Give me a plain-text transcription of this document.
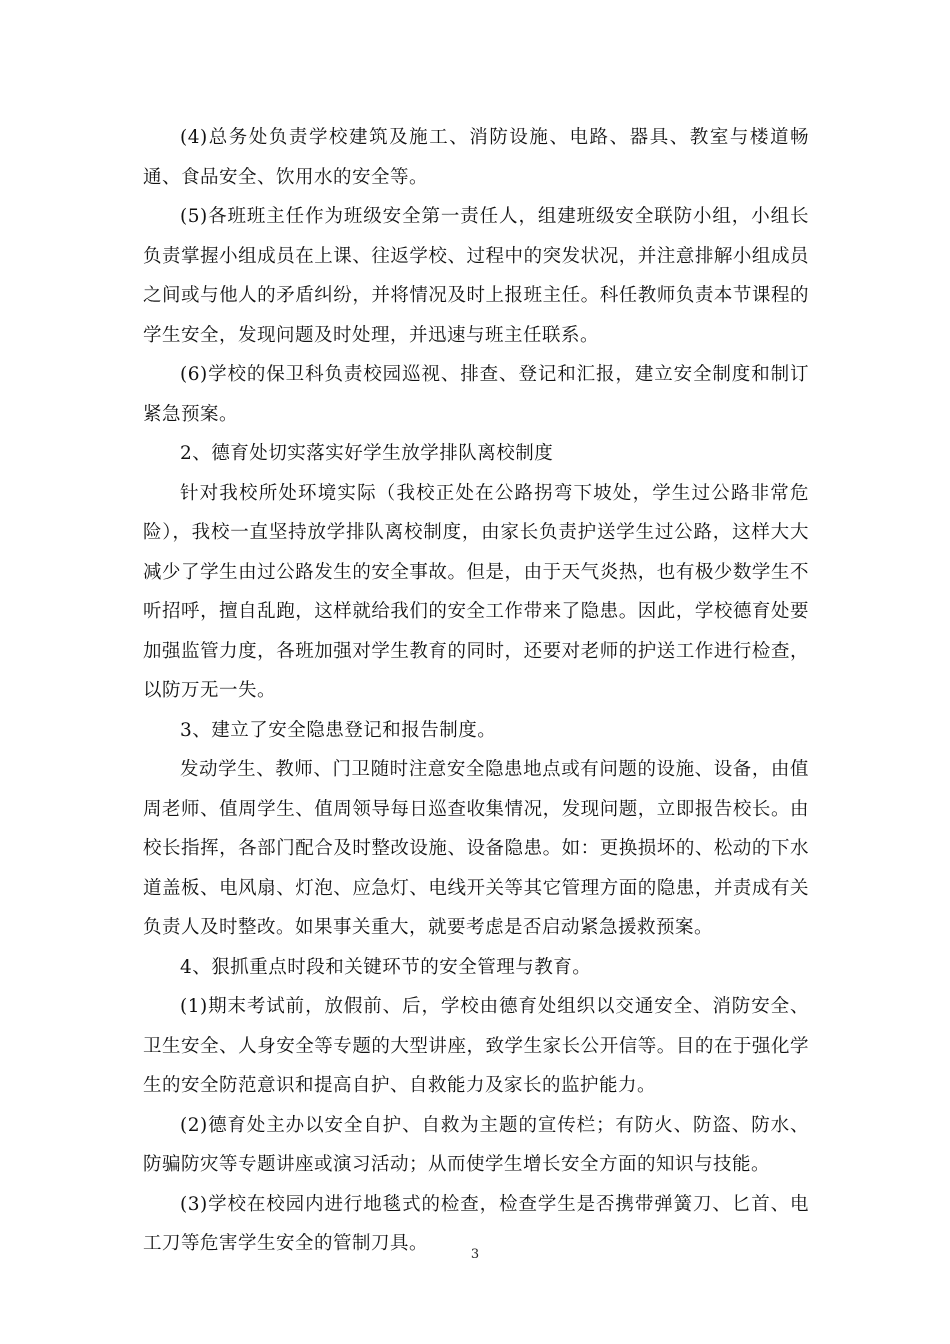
(4)总务处负责学校建筑及施工、消防设施、电路、器具、教室与楼道畅通、食品安全、饮用水的安全等。

(5)各班班主任作为班级安全第一责任人，组建班级安全联防小组，小组长负责掌握小组成员在上课、往返学校、过程中的突发状况，并注意排解小组成员之间或与他人的矛盾纠纷，并将情况及时上报班主任。科任教师负责本节课程的学生安全，发现问题及时处理，并迅速与班主任联系。

(6)学校的保卫科负责校园巡视、排查、登记和汇报，建立安全制度和制订紧急预案。

2、德育处切实落实好学生放学排队离校制度

针对我校所处环境实际（我校正处在公路拐弯下坡处，学生过公路非常危险），我校一直坚持放学排队离校制度，由家长负责护送学生过公路，这样大大减少了学生由过公路发生的安全事故。但是，由于天气炎热，也有极少数学生不听招呼，擅自乱跑，这样就给我们的安全工作带来了隐患。因此，学校德育处要加强监管力度，各班加强对学生教育的同时，还要对老师的护送工作进行检查，以防万无一失。

3、建立了安全隐患登记和报告制度。

发动学生、教师、门卫随时注意安全隐患地点或有问题的设施、设备，由值周老师、值周学生、值周领导每日巡查收集情况，发现问题，立即报告校长。由校长指挥，各部门配合及时整改设施、设备隐患。如：更换损坏的、松动的下水道盖板、电风扇、灯泡、应急灯、电线开关等其它管理方面的隐患，并责成有关负责人及时整改。如果事关重大，就要考虑是否启动紧急援救预案。

4、狠抓重点时段和关键环节的安全管理与教育。

(1)期末考试前，放假前、后，学校由德育处组织以交通安全、消防安全、卫生安全、人身安全等专题的大型讲座，致学生家长公开信等。目的在于强化学生的安全防范意识和提高自护、自救能力及家长的监护能力。

(2)德育处主办以安全自护、自救为主题的宣传栏；有防火、防盗、防水、防骗防灾等专题讲座或演习活动；从而使学生增长安全方面的知识与技能。

(3)学校在校园内进行地毯式的检查，检查学生是否携带弹簧刀、匕首、电工刀等危害学生安全的管制刀具。

3
